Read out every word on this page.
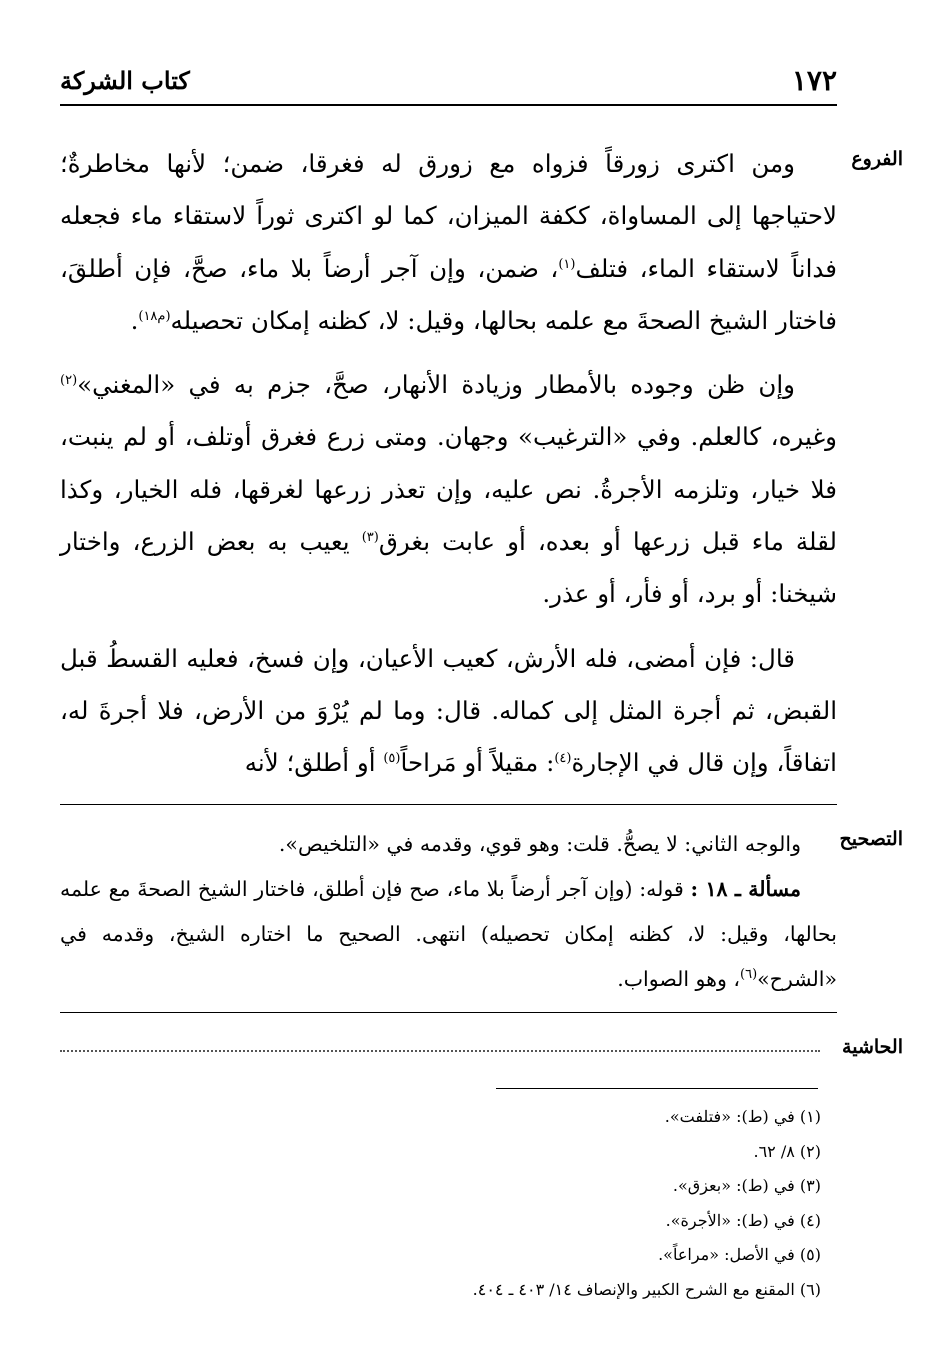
١٧٢
كتاب الشركة
الفروع

ومن اكترى زورقاً فزواه مع زورق له فغرقا، ضمن؛ لأنها مخاطرةٌ؛ لاحتياجها إلى المساواة، ككفة الميزان، كما لو اكترى ثوراً لاستقاء ماء فجعله فداناً لاستقاء الماء، فتلف$^{(١)}$، ضمن، وإن آجر أرضاً بلا ماء، صحَّ، فإن أطلقَ، فاختار الشيخ الصحةَ مع علمه بحالها، وقيل: لا، كظنه إمكان تحصيله$^{(م١٨)}$.

وإن ظن وجوده بالأمطار وزيادة الأنهار، صحَّ، جزم به في «المغني»$^{(٢)}$ وغيره، كالعلم. وفي «الترغيب» وجهان. ومتى زرع فغرق أوتلف، أو لم ينبت، فلا خيار، وتلزمه الأجرةُ. نص عليه، وإن تعذر زرعها لغرقها، فله الخيار، وكذا لقلة ماء قبل زرعها أو بعده، أو عابت بغرق$^{(٣)}$ يعيب به بعض الزرع، واختار شيخنا: أو برد، أو فأر، أو عذر.

قال: فإن أمضى، فله الأرش، كعيب الأعيان، وإن فسخ، فعليه القسطُ قبل القبض، ثم أجرة المثل إلى كماله. قال: وما لم يُرْوَ من الأرض، فلا أجرةَ له، اتفاقاً، وإن قال في الإجارة$^{(٤)}$: مقيلاً أو مَراحاً$^{(٥)}$ أو أطلق؛ لأنه

التصحيح

والوجه الثاني: لا يصحُّ. قلت: وهو قوي، وقدمه في «التلخيص».

مسألة ـ ١٨ : قوله: (وإن آجر أرضاً بلا ماء، صح فإن أطلق، فاختار الشيخ الصحةَ مع علمه بحالها، وقيل: لا، كظنه إمكان تحصيله) انتهى. الصحيح ما اختاره الشيخ، وقدمه في «الشرح»$^{(٦)}$، وهو الصواب.

الحاشية
(١) في (ط): «فتلفت».
(٢) ٨/ ٦٢.
(٣) في (ط): «بعزق».
(٤) في (ط): «الأجرة».
(٥) في الأصل: «مراعاً».
(٦) المقنع مع الشرح الكبير والإنصاف ١٤/ ٤٠٣ ـ ٤٠٤.
